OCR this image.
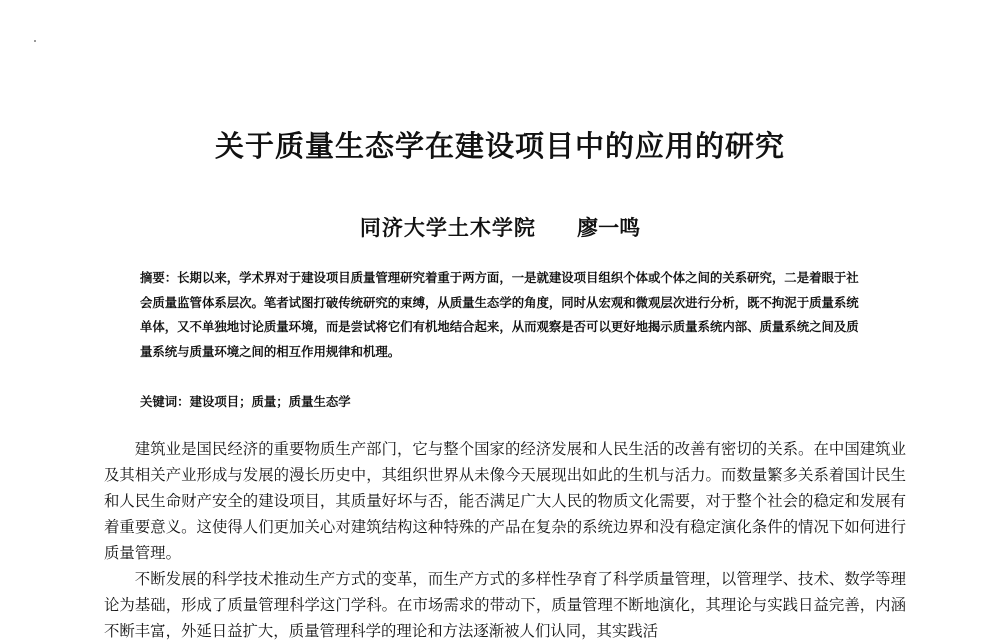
关于质量生态学在建设项目中的应用的研究
同济大学土木学院 廖一鸣
摘要：长期以来，学术界对于建设项目质量管理研究着重于两方面，一是就建设项目组织个体或个体之间的关系研究，二是着眼于社会质量监管体系层次。笔者试图打破传统研究的束缚，从质量生态学的角度，同时从宏观和微观层次进行分析，既不拘泥于质量系统单体，又不单独地讨论质量环境，而是尝试将它们有机地结合起来，从而观察是否可以更好地揭示质量系统内部、质量系统之间及质量系统与质量环境之间的相互作用规律和机理。
关键词：建设项目；质量；质量生态学

建筑业是国民经济的重要物质生产部门，它与整个国家的经济发展和人民生活的改善有密切的关系。在中国建筑业及其相关产业形成与发展的漫长历史中，其组织世界从未像今天展现出如此的生机与活力。而数量繁多关系着国计民生和人民生命财产安全的建设项目，其质量好坏与否，能否满足广大人民的物质文化需要，对于整个社会的稳定和发展有着重要意义。这使得人们更加关心对建筑结构这种特殊的产品在复杂的系统边界和没有稳定演化条件的情况下如何进行质量管理。

不断发展的科学技术推动生产方式的变革，而生产方式的多样性孕育了科学质量管理，以管理学、技术、数学等理论为基础，形成了质量管理科学这门学科。在市场需求的带动下，质量管理不断地演化，其理论与实践日益完善，内涵不断丰富，外延日益扩大，质量管理科学的理论和方法逐渐被人们认同，其实践活
